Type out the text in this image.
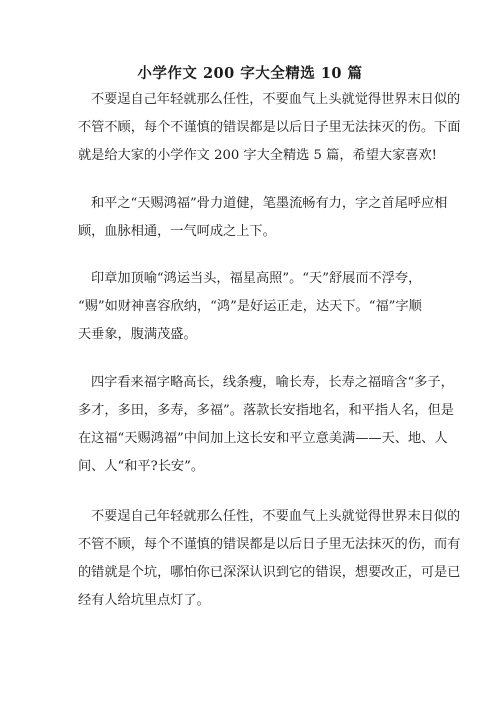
小学作文 200 字大全精选 10 篇

不要逞自己年轻就那么任性，不要血气上头就觉得世界末日似的
不管不顾，每个不谨慎的错误都是以后日子里无法抹灭的伤。下面
就是给大家的小学作文 200 字大全精选 5 篇，希望大家喜欢!

和平之“天赐鸿福”骨力道健，笔墨流畅有力，字之首尾呼应相
顾，血脉相通，一气呵成之上下。

印章加顶喻“鸿运当头，福星高照”。“天”舒展而不浮夸，
“赐”如财神喜容欣纳，“鸿”是好运正走，达天下。“福”字顺
天垂象，腹满茂盛。

四字看来福字略高长，线条瘦，喻长寿，长寿之福暗含“多子，
多才，多田，多寿，多福”。落款长安指地名，和平指人名，但是
在这福“天赐鸿福”中间加上这长安和平立意美满——天、地、人
间、人“和平?长安”。

不要逞自己年轻就那么任性，不要血气上头就觉得世界末日似的
不管不顾，每个不谨慎的错误都是以后日子里无法抹灭的伤，而有
的错就是个坑，哪怕你已深深认识到它的错误，想要改正，可是已
经有人给坑里点灯了。
